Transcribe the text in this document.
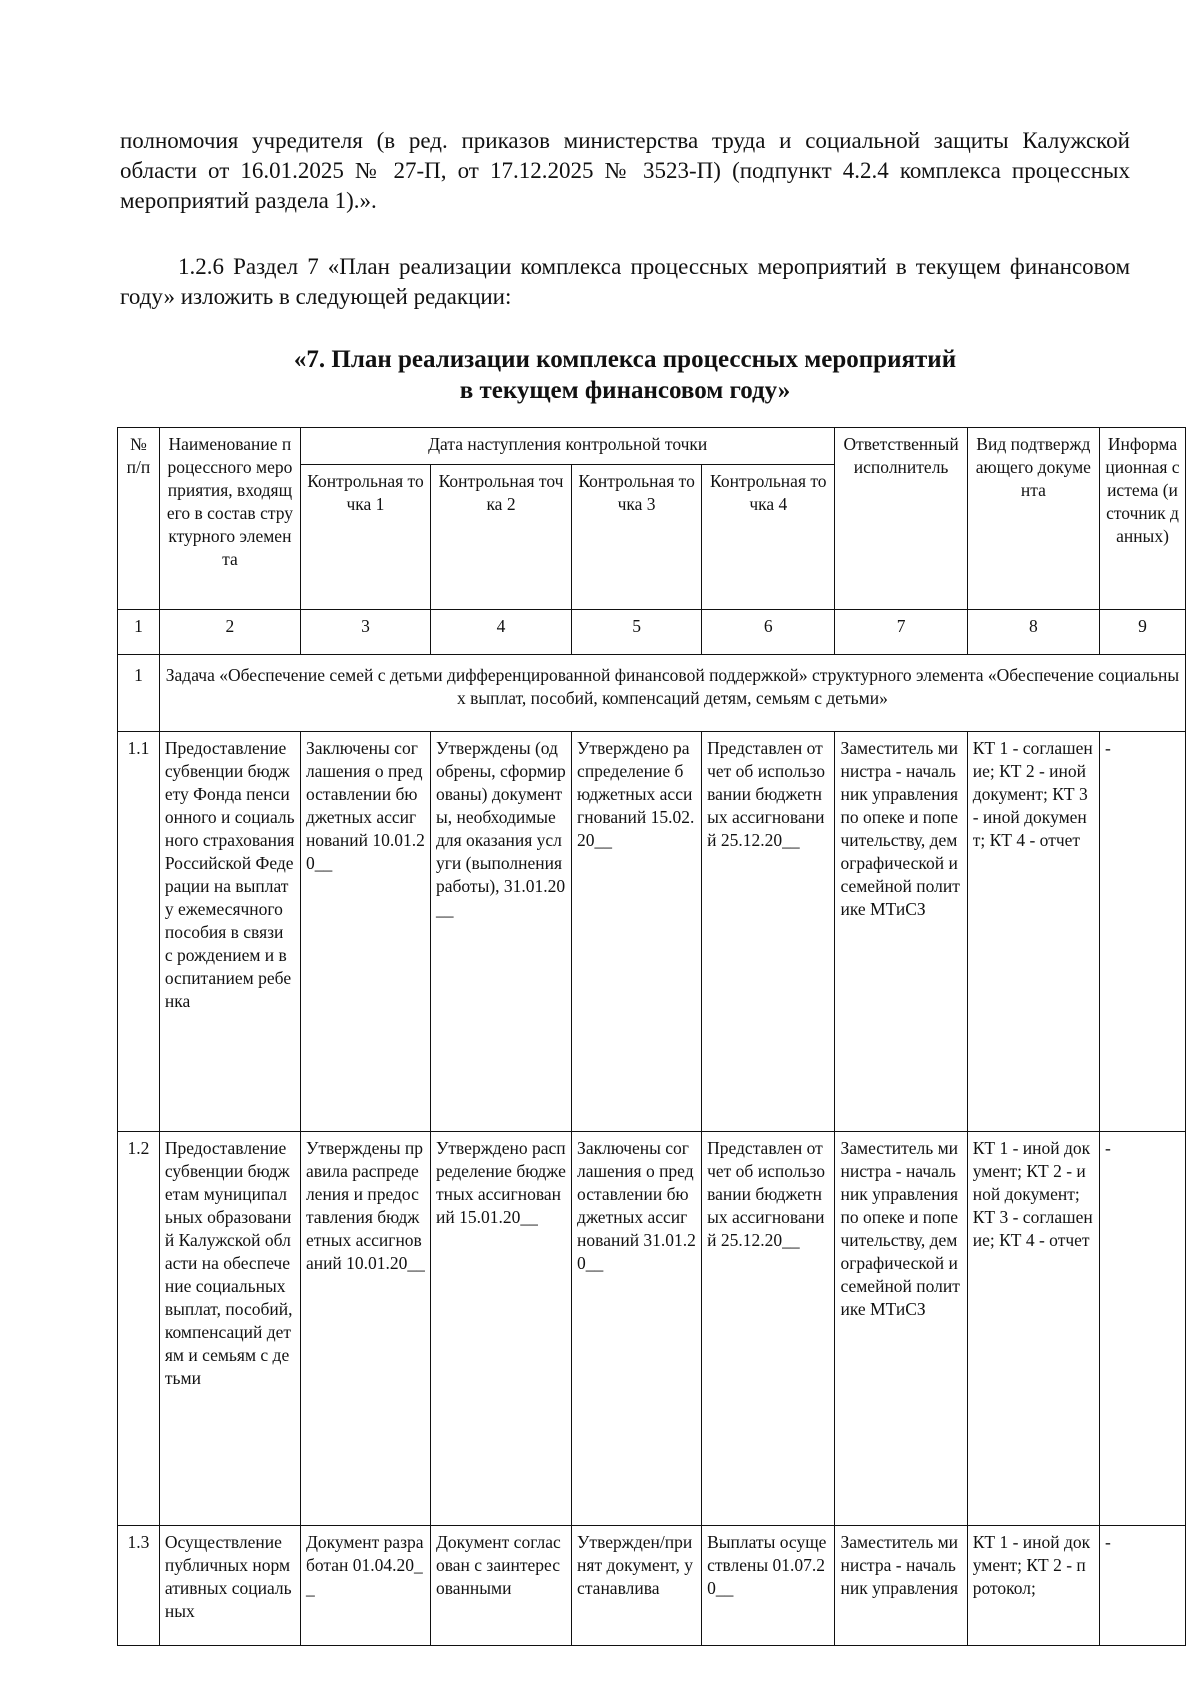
полномочия учредителя (в ред. приказов министерства труда и социальной защиты Калужской области от 16.01.2025 № 27-П, от 17.12.2025 № 3523-П) (подпункт 4.2.4 комплекса процессных мероприятий раздела 1).».

1.2.6 Раздел 7 «План реализации комплекса процессных мероприятий в текущем финансовом году» изложить в следующей редакции:

«7. План реализации комплекса процессных мероприятий
в текущем финансовом году»
№ п/п	Наименование процессного мероприятия, входящего в состав структурного элемента	Дата наступления контрольной точки				Ответственный исполнитель	Вид подтверждающего документа	Информационная система (источник данных)
		Контрольная точка 1	Контрольная точка 2	Контрольная точка 3	Контрольная точка 4			
1	2	3	4	5	6	7	8	9
1	Задача «Обеспечение семей с детьми дифференцированной финансовой поддержкой» структурного элемента «Обеспечение социальных выплат, пособий, компенсаций детям, семьям с детьми»							
1.1	Предоставление субвенции бюджету Фонда пенсионного и социального страхования Российской Федерации на выплату ежемесячного пособия в связи с рождением и воспитанием ребенка	Заключены соглашения о предоставлении бюджетных ассигнований 10.01.20__	Утверждены (одобрены, сформированы) документы, необходимые для оказания услуги (выполнения работы), 31.01.20__	Утверждено распределение бюджетных ассигнований 15.02.20__	Представлен отчет об использовании бюджетных ассигнований 25.12.20__	Заместитель министра - начальник управления по опеке и попечительству, демографической и семейной политике МТиСЗ	КТ 1 - соглашение; КТ 2 - иной документ; КТ 3 - иной документ; КТ 4 - отчет	-
1.2	Предоставление субвенции бюджетам муниципальных образований Калужской области на обеспечение социальных выплат, пособий, компенсаций детям и семьям с детьми	Утверждены правила распределения и предоставления бюджетных ассигнований 10.01.20__	Утверждено распределение бюджетных ассигнований 15.01.20__	Заключены соглашения о предоставлении бюджетных ассигнований 31.01.20__	Представлен отчет об использовании бюджетных ассигнований 25.12.20__	Заместитель министра - начальник управления по опеке и попечительству, демографической и семейной политике МТиСЗ	КТ 1 - иной документ; КТ 2 - иной документ; КТ 3 - соглашение; КТ 4 - отчет	-
1.3	Осуществление публичных нормативных социальных	Документ разработан 01.04.20__	Документ согласован с заинтересованными	Утвержден/принят документ, устанавлива	Выплаты осуществлены 01.07.20__	Заместитель министра - начальник управления	КТ 1 - иной документ; КТ 2 - протокол;	-
